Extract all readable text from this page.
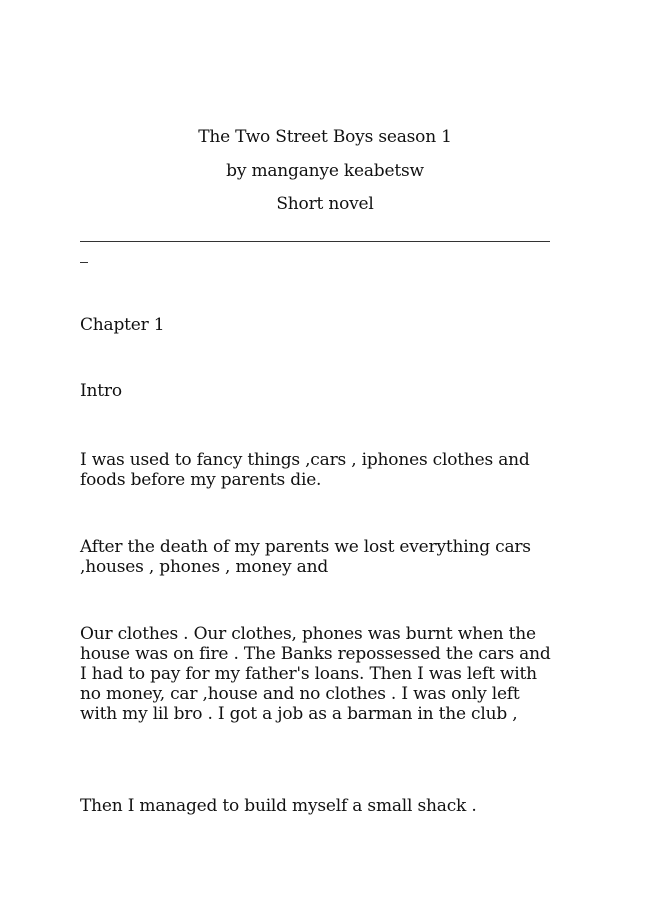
The Two Street Boys season 1
by manganye keabetsw
Short novel
Chapter 1
Intro

I was used to fancy things ,cars , iphones clothes and foods before my parents die.

After the death of my parents we lost everything cars ,houses , phones , money and

Our clothes . Our clothes, phones was burnt when the house was on fire . The Banks repossessed the cars and I had to pay for my father's loans. Then I was left with no money, car ,house and no clothes . I was only left with my lil bro . I got a job as a barman in the club ,

Then I managed to build myself a small shack .
